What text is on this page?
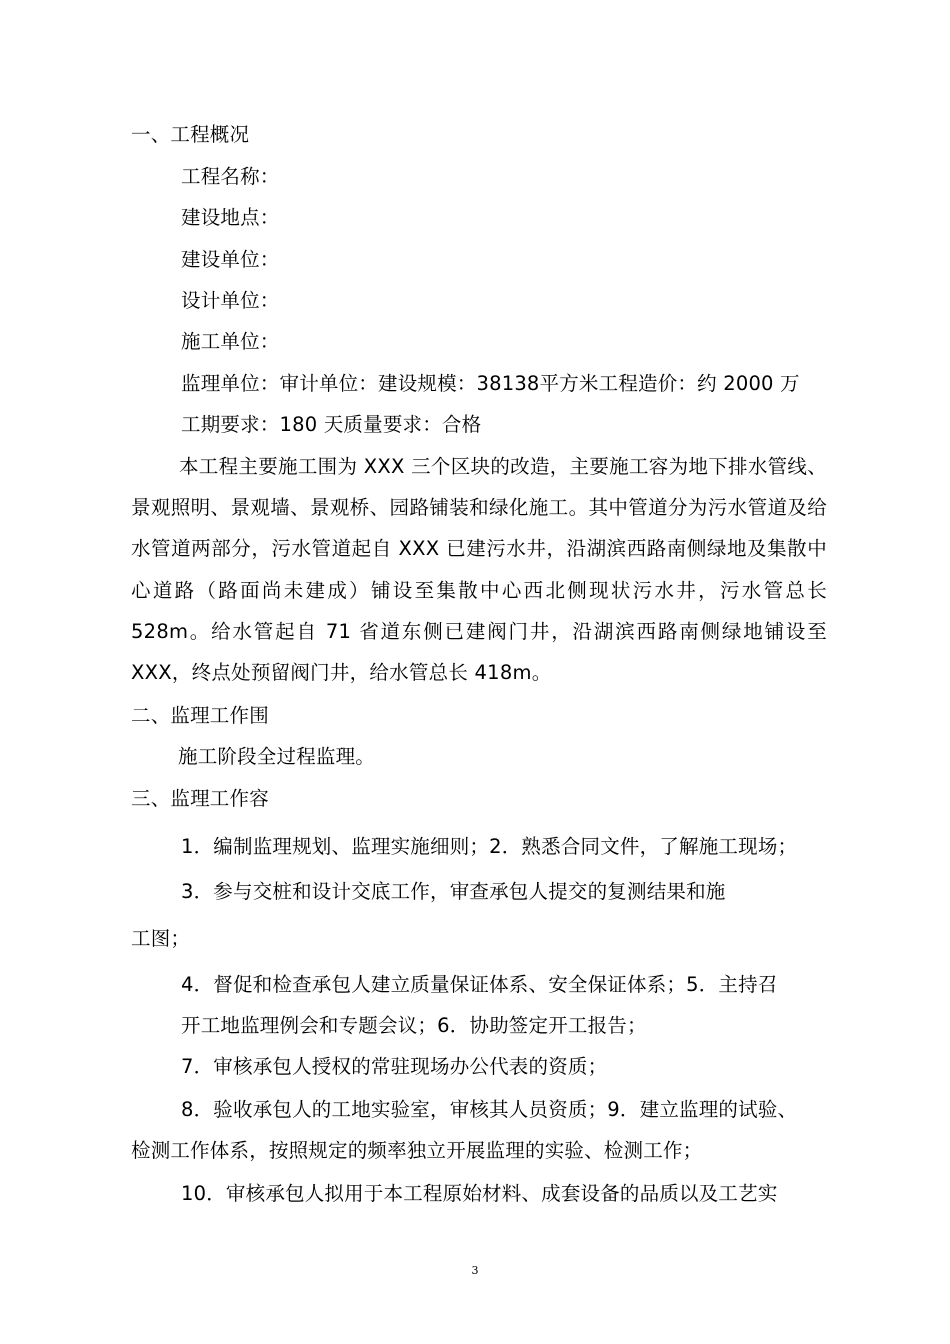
一、工程概况
工程名称：
建设地点：
建设单位：
设计单位：
施工单位：
监理单位：审计单位：建设规模：38138平方米工程造价：约 2000 万
工期要求：180 天质量要求：合格
本工程主要施工围为 XXX 三个区块的改造，主要施工容为地下排水管线、景观照明、景观墙、景观桥、园路铺装和绿化施工。其中管道分为污水管道及给水管道两部分，污水管道起自 XXX 已建污水井，沿湖滨西路南侧绿地及集散中心道路（路面尚未建成）铺设至集散中心西北侧现状污水井，污水管总长 528m。给水管起自 71 省道东侧已建阀门井，沿湖滨西路南侧绿地铺设至 XXX，终点处预留阀门井，给水管总长 418m。
二、监理工作围
施工阶段全过程监理。
三、监理工作容
1．编制监理规划、监理实施细则；2．熟悉合同文件，了解施工现场；
3．参与交桩和设计交底工作，审查承包人提交的复测结果和施
工图；
4．督促和检查承包人建立质量保证体系、安全保证体系；5．主持召
开工地监理例会和专题会议；6．协助签定开工报告；
7．审核承包人授权的常驻现场办公代表的资质；
8．验收承包人的工地实验室，审核其人员资质；9．建立监理的试验、
检测工作体系，按照规定的频率独立开展监理的实验、检测工作；
10．审核承包人拟用于本工程原始材料、成套设备的品质以及工艺实
3
